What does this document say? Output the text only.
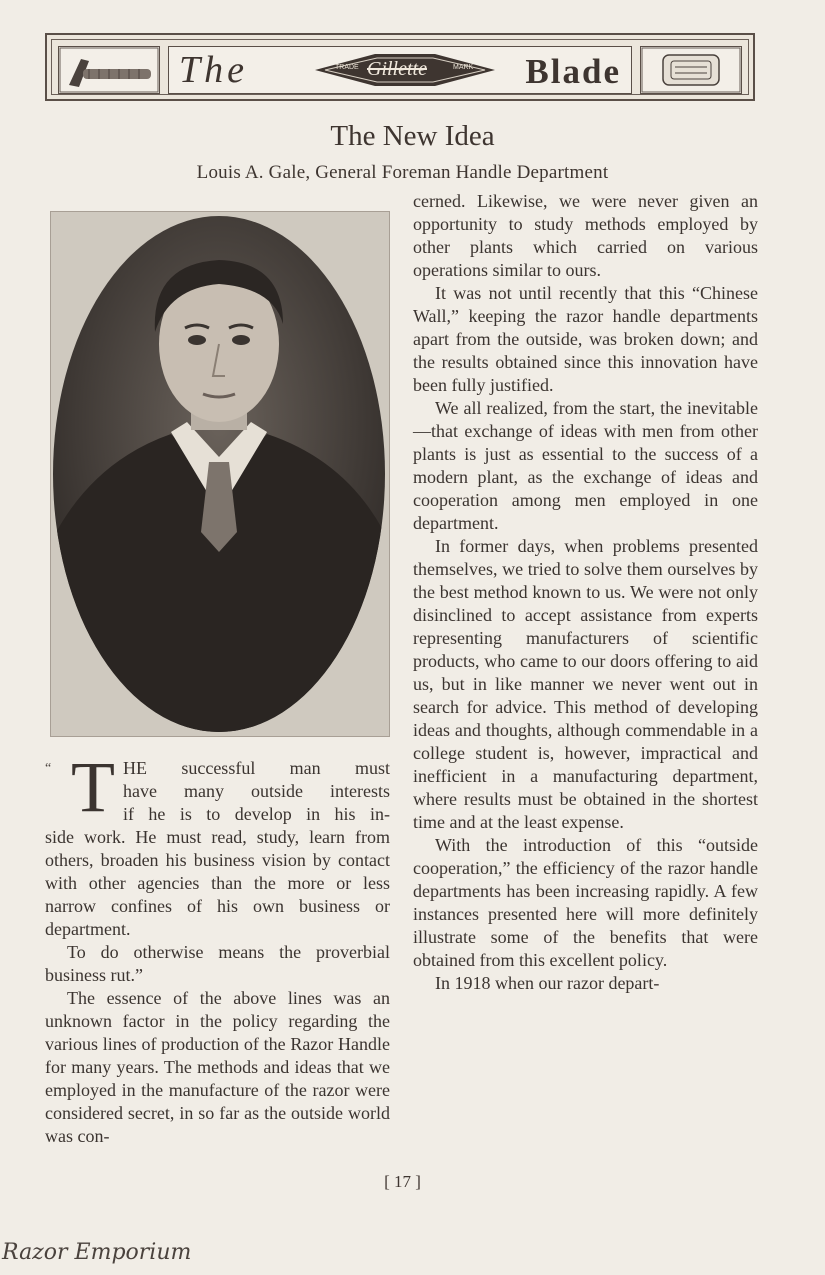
The	TRADE Gillette	MARK Blade
The New Idea
Louis A. Gale, General Foreman Handle Department
“ T HE successful man must
have many outside interests
if he is to develop in his in-

side work. He must read, study, learn from others, broaden his business vision by contact with other agencies than the more or less narrow confines of his own business or department.

To do otherwise means the proverbial business rut.”

The essence of the above lines was an unknown factor in the policy regarding the various lines of production of the Razor Handle for many years. The methods and ideas that we employed in the manufacture of the razor were considered secret, in so far as the outside world was con-

cerned. Likewise, we were never given an opportunity to study methods employed by other plants which carried on various operations similar to ours.

It was not until recently that this “Chinese Wall,” keeping the razor handle departments apart from the outside, was broken down; and the results obtained since this innovation have been fully justified.

We all realized, from the start, the inevitable—that exchange of ideas with men from other plants is just as essential to the success of a modern plant, as the exchange of ideas and cooperation among men employed in one department.

In former days, when problems presented themselves, we tried to solve them ourselves by the best method known to us. We were not only disinclined to accept assistance from experts representing manufacturers of scientific products, who came to our doors offering to aid us, but in like manner we never went out in search for advice. This method of developing ideas and thoughts, although commendable in a college student is, however, impractical and inefficient in a manufacturing department, where results must be obtained in the shortest time and at the least expense.

With the introduction of this “outside cooperation,” the efficiency of the razor handle departments has been increasing rapidly. A few instances presented here will more definitely illustrate some of the benefits that were obtained from this excellent policy.

In 1918 when our razor depart-

[ 17 ]
Razor Emporium
